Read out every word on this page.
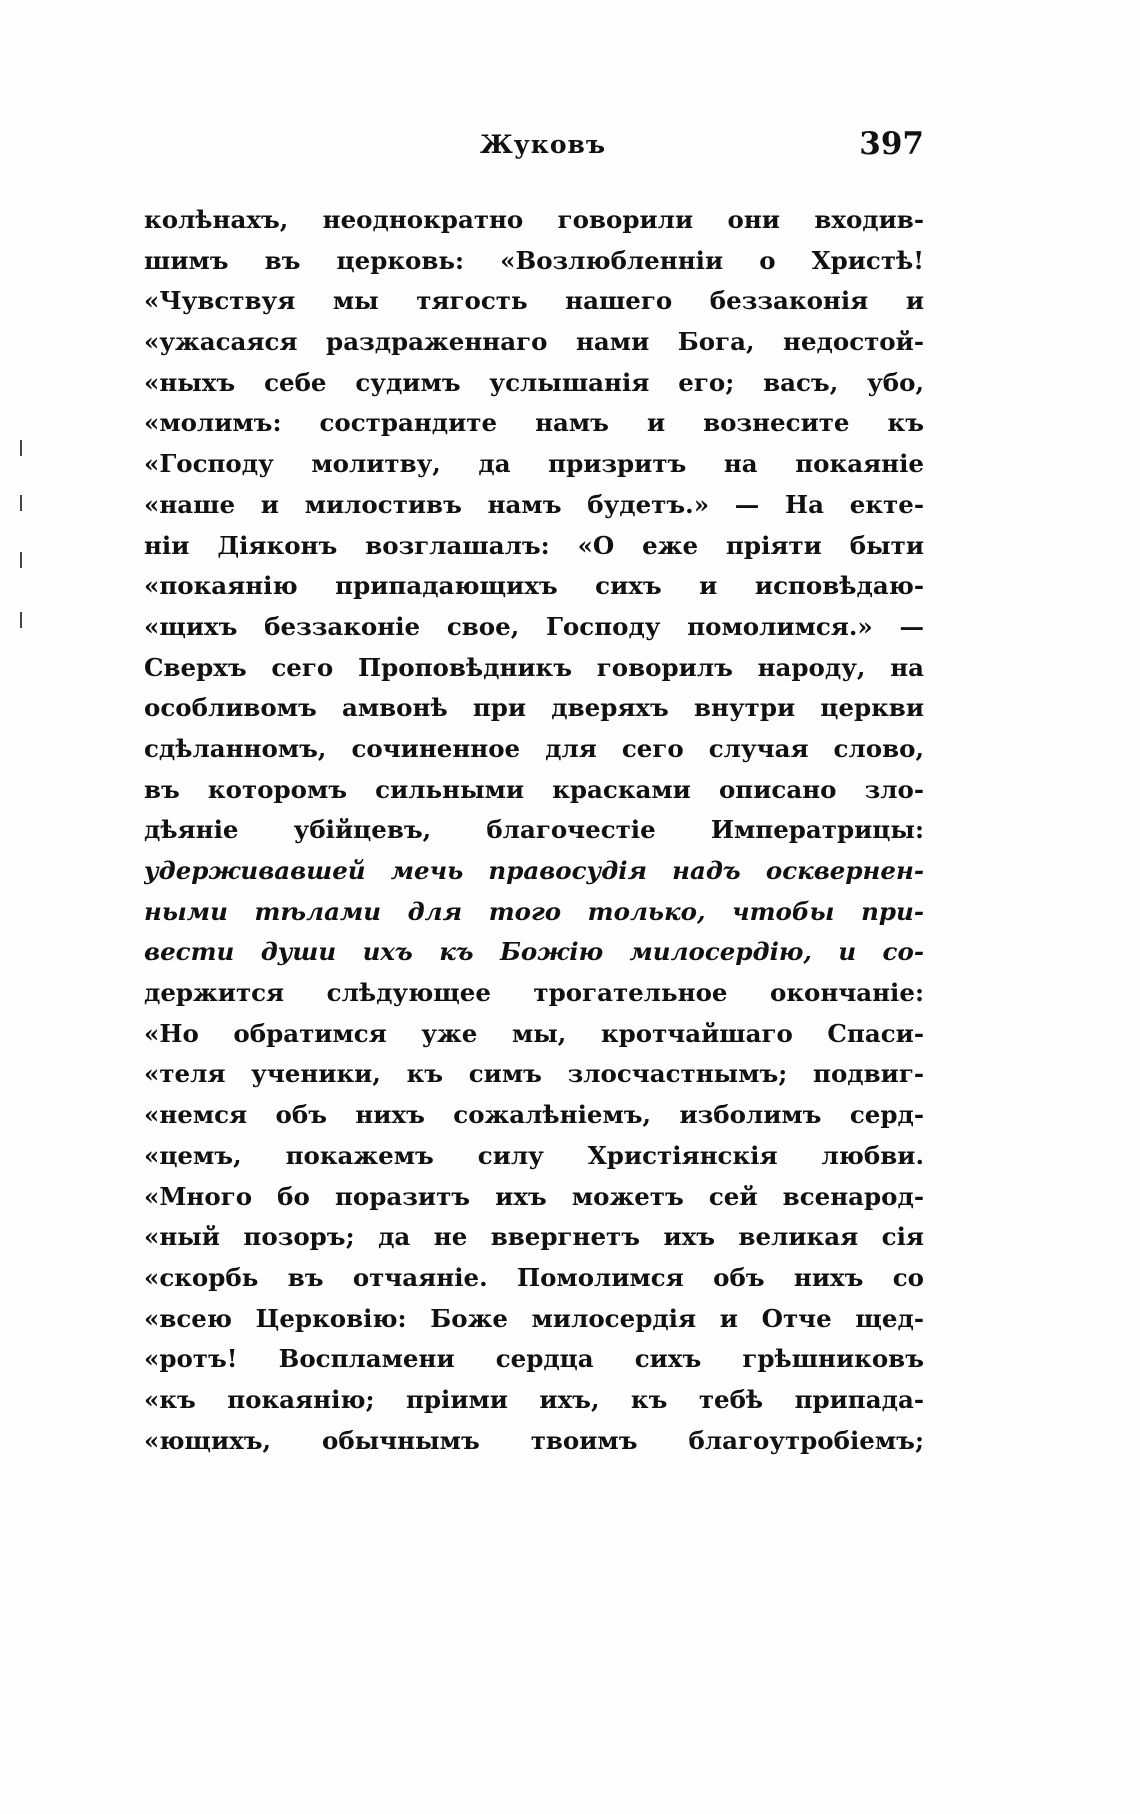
Жуковъ	397
колѣнахъ, неоднократно говорили они входив-
шимъ въ церковь: «Возлюбленніи о Христѣ!
«Чувствуя мы тягость нашего беззаконія и
«ужасаяся раздраженнаго нами Бога, недостой-
«ныхъ себе судимъ услышанія его; васъ, убо,
«молимъ: сострандите намъ и вознесите къ
«Господу молитву, да призритъ на покаяніе
«наше и милостивъ намъ будетъ.» — На екте-
ніи Діяконъ возглашалъ: «О еже пріяти быти
«покаянію припадающихъ сихъ и исповѣдаю-
«щихъ беззаконіе свое, Господу помолимся.» —
Сверхъ сего Проповѣдникъ говорилъ народу, на
особливомъ амвонѣ при дверяхъ внутри церкви
сдѣланномъ, сочиненное для сего случая слово,
въ которомъ сильными красками описано зло-
дѣяніе убійцевъ, благочестіе Императрицы:
удерживавшей мечь правосудія надъ осквернен-
ными тѣлами для того только, чтобы при-
вести души ихъ къ Божію милосердію, и со-
держится слѣдующее трогательное окончаніе:
«Но обратимся уже мы, кротчайшаго Спаси-
«теля ученики, къ симъ злосчастнымъ; подвиг-
«немся объ нихъ сожалѣніемъ, изболимъ серд-
«цемъ, покажемъ силу Христіянскія любви.
«Много бо поразитъ ихъ можетъ сей всенарод-
«ный позоръ; да не ввергнетъ ихъ великая сія
«скорбь въ отчаяніе. Помолимся объ нихъ со
«всею Церковію: Боже милосердія и Отче щед-
«ротъ! Воспламени сердца сихъ грѣшниковъ
«къ покаянію; пріими ихъ, къ тебѣ припада-
«ющихъ, обычнымъ твоимъ благоутробіемъ;
